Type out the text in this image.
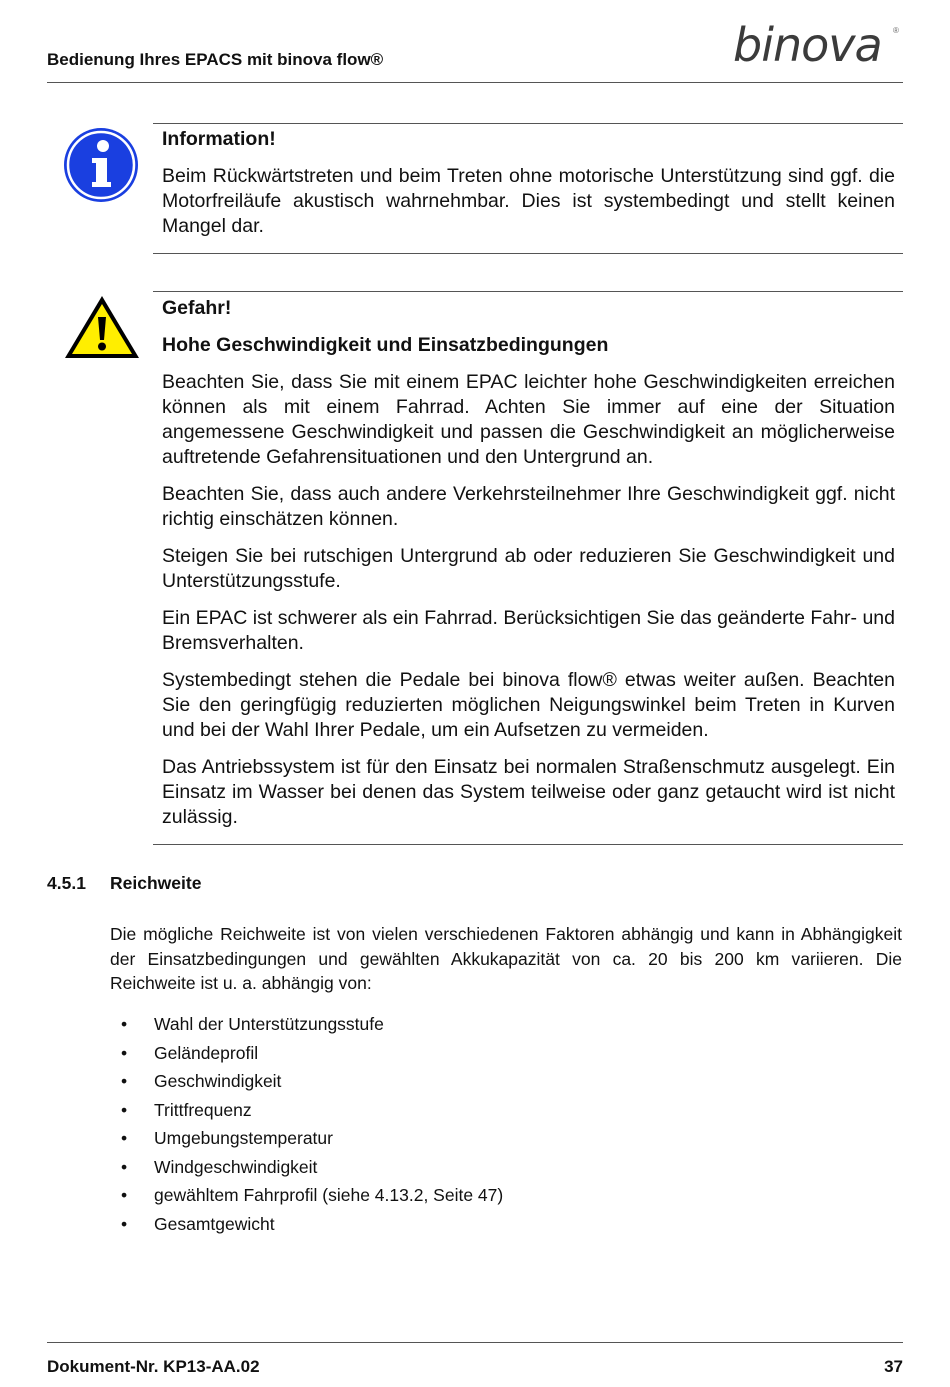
Bedienung Ihres EPACS mit binova flow®	binova ®
Information!

Beim Rückwärtstreten und beim Treten ohne motorische Unterstützung sind ggf. die Motorfreiläufe akustisch wahrnehmbar. Dies ist systembedingt und stellt keinen Mangel dar.

Gefahr!
Hohe Geschwindigkeit und Einsatzbedingungen

Beachten Sie, dass Sie mit einem EPAC leichter hohe Geschwindigkeiten erreichen können als mit einem Fahrrad. Achten Sie immer auf eine der Situation angemessene Geschwindigkeit und passen die Geschwindigkeit an möglicherweise auftretende Gefahrensituationen und den Untergrund an.

Beachten Sie, dass auch andere Verkehrsteilnehmer Ihre Geschwindigkeit ggf. nicht richtig einschätzen können.

Steigen Sie bei rutschigen Untergrund ab oder reduzieren Sie Geschwindigkeit und Unterstützungsstufe.

Ein EPAC ist schwerer als ein Fahrrad. Berücksichtigen Sie das geänderte Fahr- und Bremsverhalten.

Systembedingt stehen die Pedale bei binova flow® etwas weiter außen. Beachten Sie den geringfügig reduzierten möglichen Neigungswinkel beim Treten in Kurven und bei der Wahl Ihrer Pedale, um ein Aufsetzen zu vermeiden.

Das Antriebssystem ist für den Einsatz bei normalen Straßenschmutz ausgelegt. Ein Einsatz im Wasser bei denen das System teilweise oder ganz getaucht wird ist nicht zulässig.

4.5.1 Reichweite
Die mögliche Reichweite ist von vielen verschiedenen Faktoren abhängig und kann in Abhängigkeit der Einsatzbedingungen und gewählten Akkukapazität von ca. 20 bis 200 km variieren. Die Reichweite ist u. a. abhängig von:
• Wahl der Unterstützungsstufe
• Geländeprofil
• Geschwindigkeit
• Trittfrequenz
• Umgebungstemperatur
• Windgeschwindigkeit
• gewähltem Fahrprofil (siehe 4.13.2, Seite 47)
• Gesamtgewicht
Dokument-Nr. KP13-AA.02	37
